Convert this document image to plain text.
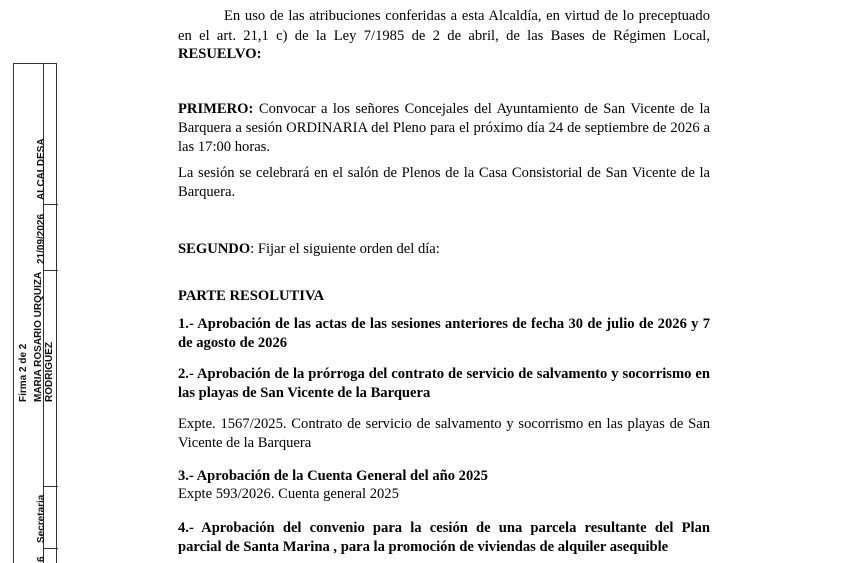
Firma 2 de 2 MARIA ROSARIO URQUIZA RODRIGUEZ
21/09/2026
ALCALDESA
Secretaria
6

En uso de las atribuciones conferidas a esta Alcaldía, en virtud de lo preceptuado

en el art. 21,1 c) de la Ley 7/1985 de 2 de abril, de las Bases de Régimen Local,

RESUELVO:

PRIMERO: Convocar a los señores Concejales del Ayuntamiento de San Vicente de la Barquera a sesión ORDINARIA del Pleno para el próximo día 24 de septiembre de 2026 a las 17:00 horas.

La sesión se celebrará en el salón de Plenos de la Casa Consistorial de San Vicente de la Barquera.

SEGUNDO: Fijar el siguiente orden del día:

PARTE RESOLUTIVA

1.- Aprobación de las actas de las sesiones anteriores de fecha 30 de julio de 2026 y 7 de agosto de 2026

2.- Aprobación de la prórroga del contrato de servicio de salvamento y socorrismo en las playas de San Vicente de la Barquera

Expte. 1567/2025. Contrato de servicio de salvamento y socorrismo en las playas de San Vicente de la Barquera

3.- Aprobación de la Cuenta General del año 2025

Expte 593/2026. Cuenta general 2025

4.- Aprobación del convenio para la cesión de una parcela resultante del Plan

parcial de Santa Marina , para la promoción de viviendas de alquiler asequible
